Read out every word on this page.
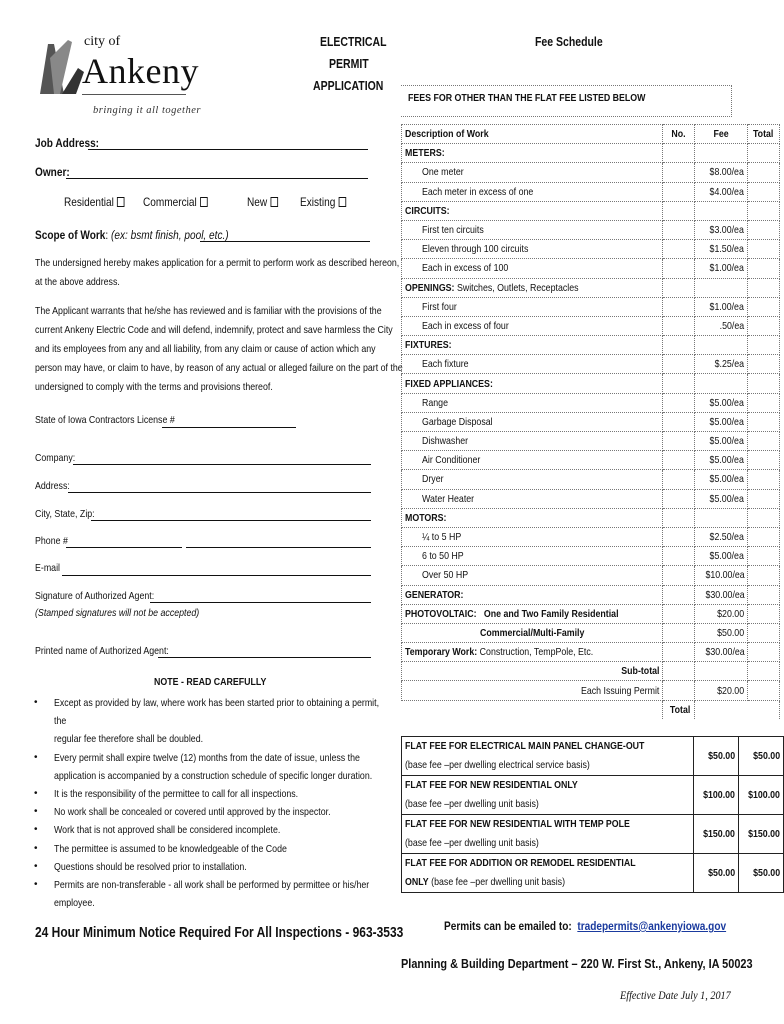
city of
Ankeny
bringing it all together
ELECTRICAL
PERMIT
APPLICATION
Fee Schedule
Job Address:
Owner:
Residential	Commercial	New	Existing
Scope of Work: (ex: bsmt finish, pool, etc.)
The undersigned hereby makes application for a permit to perform work as described hereon,
at the above address.
The Applicant warrants that he/she has reviewed and is familiar with the provisions of the
current Ankeny Electric Code and will defend, indemnify, protect and save harmless the City
and its employees from any and all liability, from any claim or cause of action which any
person may have, or claim to have, by reason of any actual or alleged failure on the part of the
undersigned to comply with the terms and provisions thereof.
State of Iowa Contractors License #
Company:
Address:
City, State, Zip:
Phone #
E-mail
Signature of Authorized Agent:
(Stamped signatures will not be accepted)
Printed name of Authorized Agent:
NOTE - READ CAREFULLY
• Except as provided by law, where work has been started prior to obtaining a permit, the
regular fee therefore shall be doubled.
• Every permit shall expire twelve (12) months from the date of issue, unless the
application is accompanied by a construction schedule of specific longer duration.
• It is the responsibility of the permittee to call for all inspections.
• No work shall be concealed or covered until approved by the inspector.
• Work that is not approved shall be considered incomplete.
• The permittee is assumed to be knowledgeable of the Code
• Questions should be resolved prior to installation.
• Permits are non-transferable - all work shall be performed by permittee or his/her
employee.
24 Hour Minimum Notice Required For All Inspections - 963-3533
FEES FOR OTHER THAN THE FLAT FEE LISTED BELOW
Description of Work	No.	Fee	Total
METERS:			
One meter		$8.00/ea	
Each meter in excess of one		$4.00/ea	
CIRCUITS:			
First ten circuits		$3.00/ea	
Eleven through 100 circuits		$1.50/ea	
Each in excess of 100		$1.00/ea	
OPENINGS: Switches, Outlets, Receptacles			
First four		$1.00/ea	
Each in excess of four		.50/ea	
FIXTURES:			
Each fixture		$.25/ea	
FIXED APPLIANCES:			
Range		$5.00/ea	
Garbage Disposal		$5.00/ea	
Dishwasher		$5.00/ea	
Air Conditioner		$5.00/ea	
Dryer		$5.00/ea	
Water Heater		$5.00/ea	
MOTORS:			
¼ to 5 HP		$2.50/ea	
6 to 50 HP		$5.00/ea	
Over 50 HP		$10.00/ea	
GENERATOR:		$30.00/ea	
PHOTOVOLTAIC: One and Two Family Residential		$20.00	
Commercial/Multi-Family		$50.00	
Temporary Work: Construction, TempPole, Etc.		$30.00/ea	
Sub-total			
Each Issuing Permit		$20.00	
	Total		
FLAT FEE FOR ELECTRICAL MAIN PANEL CHANGE-OUT
(base fee –per dwelling electrical service basis)	$50.00	$50.00
FLAT FEE FOR NEW RESIDENTIAL ONLY
(base fee –per dwelling unit basis)	$100.00	$100.00
FLAT FEE FOR NEW RESIDENTIAL WITH TEMP POLE
(base fee –per dwelling unit basis)	$150.00	$150.00
FLAT FEE FOR ADDITION OR REMODEL RESIDENTIAL
ONLY (base fee –per dwelling unit basis)	$50.00	$50.00
Permits can be emailed to: tradepermits@ankenyiowa.gov
Planning & Building Department – 220 W. First St., Ankeny, IA 50023
Effective Date July 1, 2017
